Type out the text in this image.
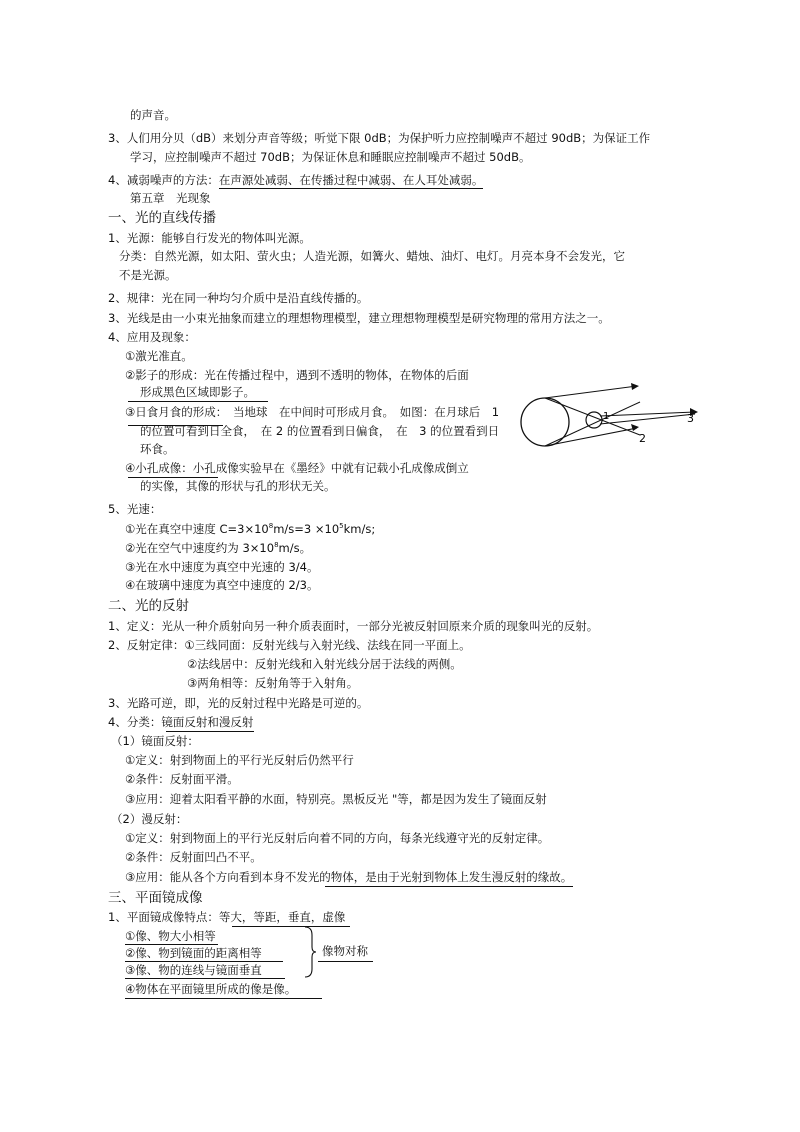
的声音。
3、人们用分贝（dB）来划分声音等级；听觉下限 0dB；为保护听力应控制噪声不超过 90dB；为保证工作
学习，应控制噪声不超过 70dB；为保证休息和睡眠应控制噪声不超过 50dB。
4、减弱噪声的方法：在声源处减弱、在传播过程中减弱、在人耳处减弱。
第五章　光现象
一、光的直线传播
1、光源：能够自行发光的物体叫光源。
分类：自然光源，如太阳、萤火虫；人造光源，如篝火、蜡烛、油灯、电灯。月亮本身不会发光，它
不是光源。
2、规律：光在同一种均匀介质中是沿直线传播的。
3、光线是由一小束光抽象而建立的理想物理模型，建立理想物理模型是研究物理的常用方法之一。
4、应用及现象：
①激光准直。
②影子的形成：光在传播过程中，遇到不透明的物体，在物体的后面
形成黑色区域即影子。
③日食月食的形成：　当地球　在中间时可形成月食。　如图：在月球后　1
的位置可看到日全食，　在 2 的位置看到日偏食，　在　3 的位置看到日
环食。
④小孔成像：小孔成像实验早在《墨经》中就有记载小孔成像成倒立
的实像，其像的形状与孔的形状无关。
1
2
3
5、光速：
①光在真空中速度 $C=3\times 10^8m/s=3 \times 10^5km/s$;
②光在空气中速度约为 $3\times 10^8m/s$。
③光在水中速度为真空中光速的 3/4。
④在玻璃中速度为真空中速度的 2/3。
二、光的反射
1、定义：光从一种介质射向另一种介质表面时，一部分光被反射回原来介质的现象叫光的反射。
2、反射定律：①三线同面：反射光线与入射光线、法线在同一平面上。
②法线居中：反射光线和入射光线分居于法线的两侧。
③两角相等：反射角等于入射角。
3、光路可逆，即，光的反射过程中光路是可逆的。
4、分类：镜面反射和漫反射
（1）镜面反射：
①定义：射到物面上的平行光反射后仍然平行
②条件：反射面平滑。
③应用：迎着太阳看平静的水面，特别亮。黑板反光 "等，都是因为发生了镜面反射
（2）漫反射：
①定义：射到物面上的平行光反射后向着不同的方向，每条光线遵守光的反射定律。
②条件：反射面凹凸不平。
③应用：能从各个方向看到本身不发光的物体，是由于光射到物体上发生漫反射的缘故。
三、平面镜成像
1、平面镜成像特点：等大，等距，垂直，虚像
①像、物大小相等
②像、物到镜面的距离相等
③像、物的连线与镜面垂直
④物体在平面镜里所成的像是像。
像物对称
